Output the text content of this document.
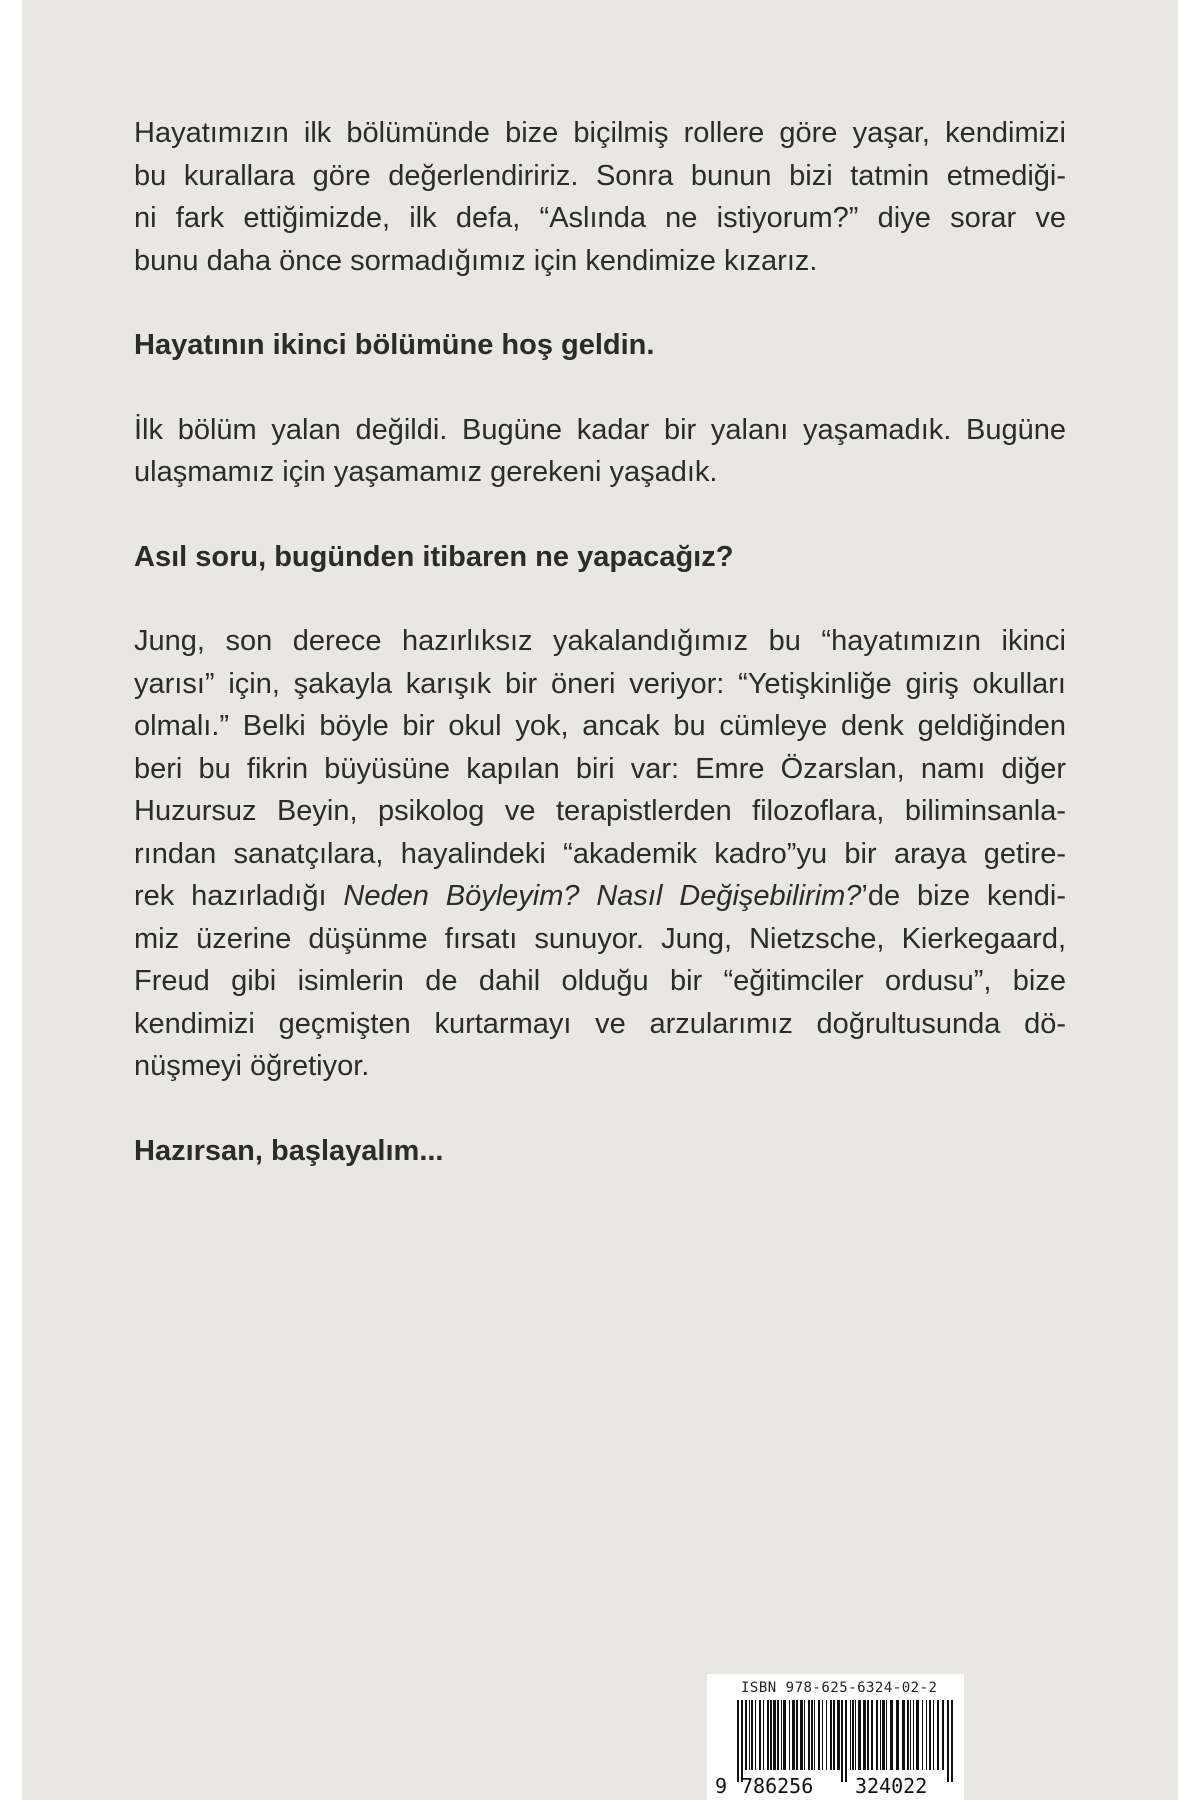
Hayatımızın ilk bölümünde bize biçilmiş rollere göre yaşar, kendimizi

bu kurallara göre değerlendiririz. Sonra bunun bizi tatmin etmediği-

ni fark ettiğimizde, ilk defa, “Aslında ne istiyorum?” diye sorar ve

bunu daha önce sormadığımız için kendimize kızarız.

Hayatının ikinci bölümüne hoş geldin.

İlk bölüm yalan değildi. Bugüne kadar bir yalanı yaşamadık. Bugüne

ulaşmamız için yaşamamız gerekeni yaşadık.

Asıl soru, bugünden itibaren ne yapacağız?

Jung, son derece hazırlıksız yakalandığımız bu “hayatımızın ikinci

yarısı” için, şakayla karışık bir öneri veriyor: “Yetişkinliğe giriş okulları

olmalı.” Belki böyle bir okul yok, ancak bu cümleye denk geldiğinden

beri bu fikrin büyüsüne kapılan biri var: Emre Özarslan, namı diğer

Huzursuz Beyin, psikolog ve terapistlerden filozoflara, biliminsanla-

rından sanatçılara, hayalindeki “akademik kadro”yu bir araya getire-

rek hazırladığı Neden Böyleyim? Nasıl Değişebilirim?’de bize kendi-

miz üzerine düşünme fırsatı sunuyor. Jung, Nietzsche, Kierkegaard,

Freud gibi isimlerin de dahil olduğu bir “eğitimciler ordusu”, bize

kendimizi geçmişten kurtarmayı ve arzularımız doğrultusunda dö-

nüşmeyi öğretiyor.

Hazırsan, başlayalım...

ISBN 978-625-6324-02-2
9 786256 324022
